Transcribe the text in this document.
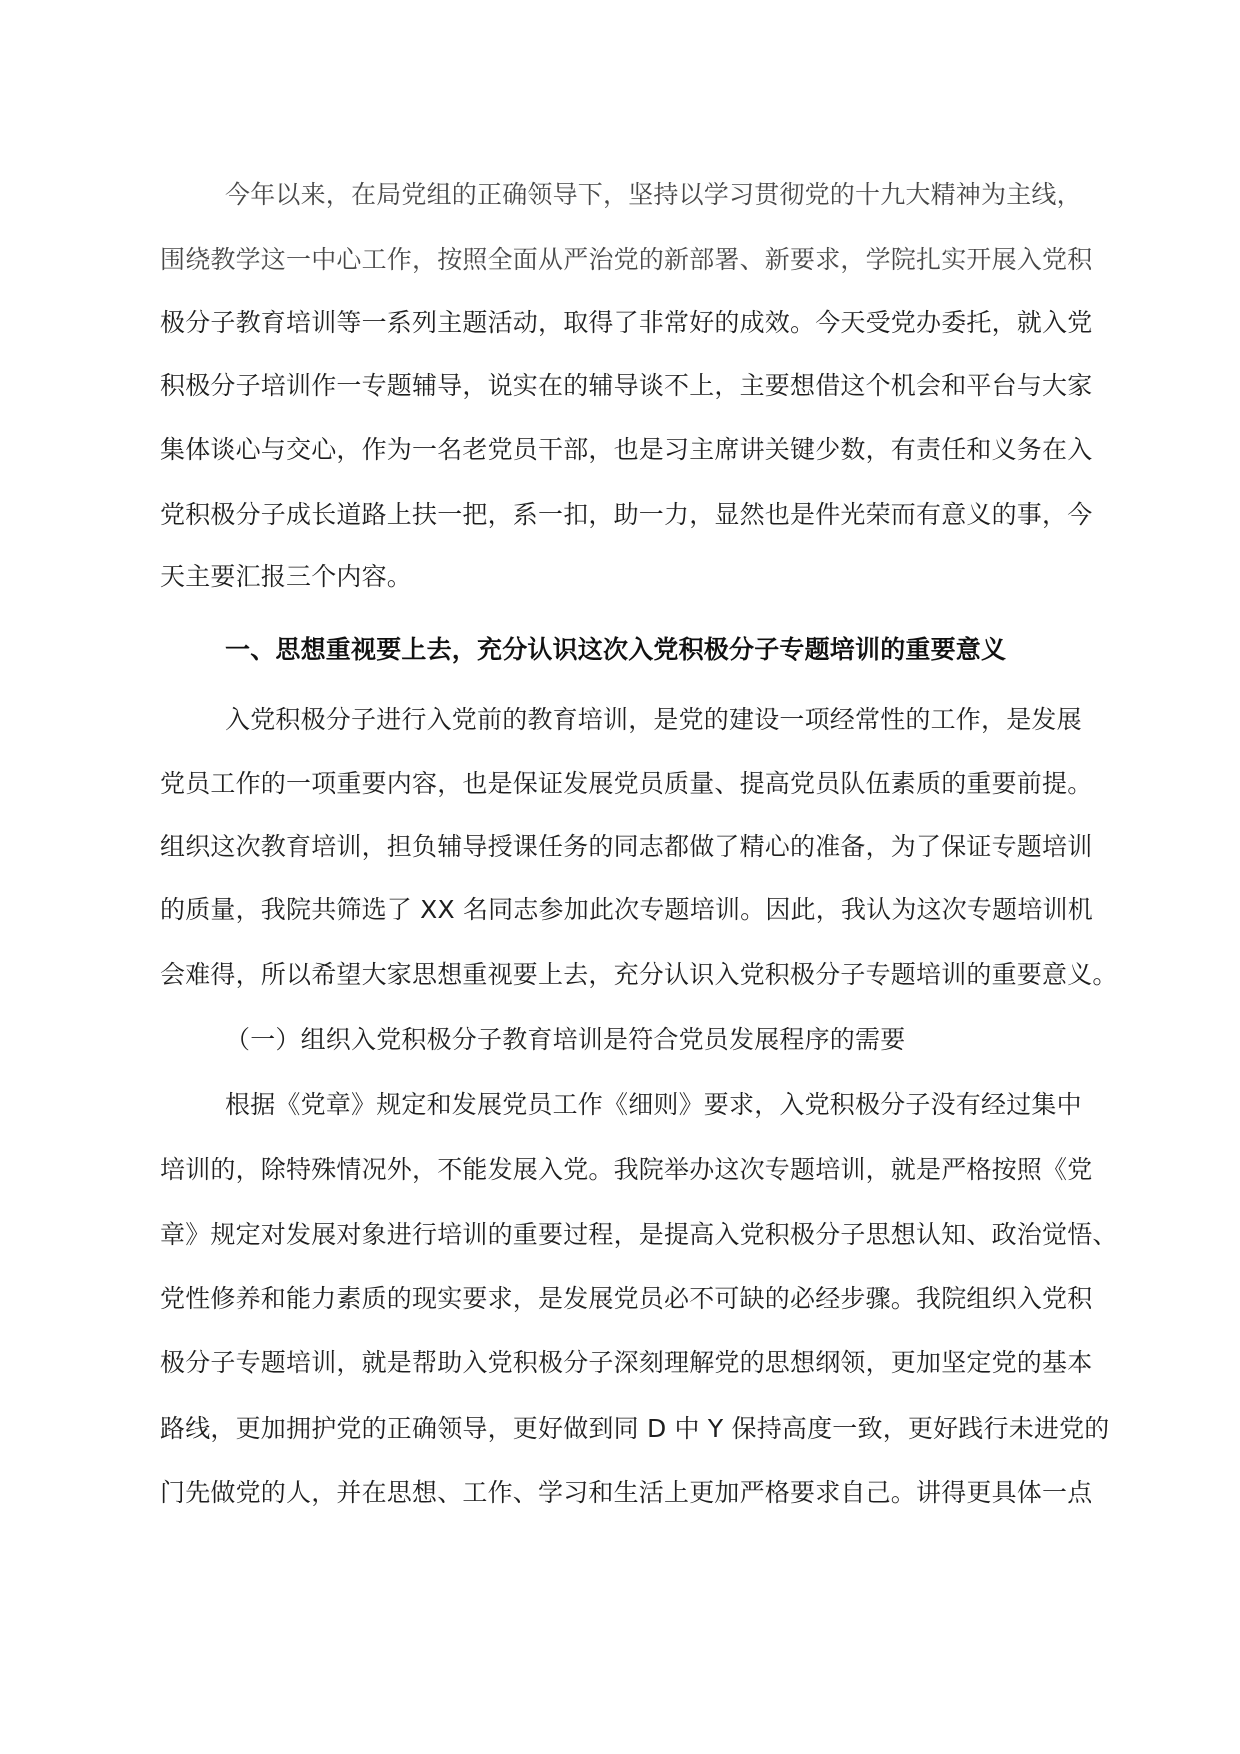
今年以来，在局党组的正确领导下，坚持以学习贯彻党的十九大精神为主线，
围绕教学这一中心工作，按照全面从严治党的新部署、新要求，学院扎实开展入党积
极分子教育培训等一系列主题活动，取得了非常好的成效。今天受党办委托，就入党
积极分子培训作一专题辅导，说实在的辅导谈不上，主要想借这个机会和平台与大家
集体谈心与交心，作为一名老党员干部，也是习主席讲关键少数，有责任和义务在入
党积极分子成长道路上扶一把，系一扣，助一力，显然也是件光荣而有意义的事，今
天主要汇报三个内容。
一、思想重视要上去，充分认识这次入党积极分子专题培训的重要意义
入党积极分子进行入党前的教育培训，是党的建设一项经常性的工作，是发展
党员工作的一项重要内容，也是保证发展党员质量、提高党员队伍素质的重要前提。
组织这次教育培训，担负辅导授课任务的同志都做了精心的准备，为了保证专题培训
的质量，我院共筛选了 XX 名同志参加此次专题培训。因此，我认为这次专题培训机
会难得，所以希望大家思想重视要上去，充分认识入党积极分子专题培训的重要意义。
（一）组织入党积极分子教育培训是符合党员发展程序的需要
根据《党章》规定和发展党员工作《细则》要求，入党积极分子没有经过集中
培训的，除特殊情况外，不能发展入党。我院举办这次专题培训，就是严格按照《党
章》规定对发展对象进行培训的重要过程，是提高入党积极分子思想认知、政治觉悟、
党性修养和能力素质的现实要求，是发展党员必不可缺的必经步骤。我院组织入党积
极分子专题培训，就是帮助入党积极分子深刻理解党的思想纲领，更加坚定党的基本
路线，更加拥护党的正确领导，更好做到同 D 中 Y 保持高度一致，更好践行未进党的
门先做党的人，并在思想、工作、学习和生活上更加严格要求自己。讲得更具体一点
